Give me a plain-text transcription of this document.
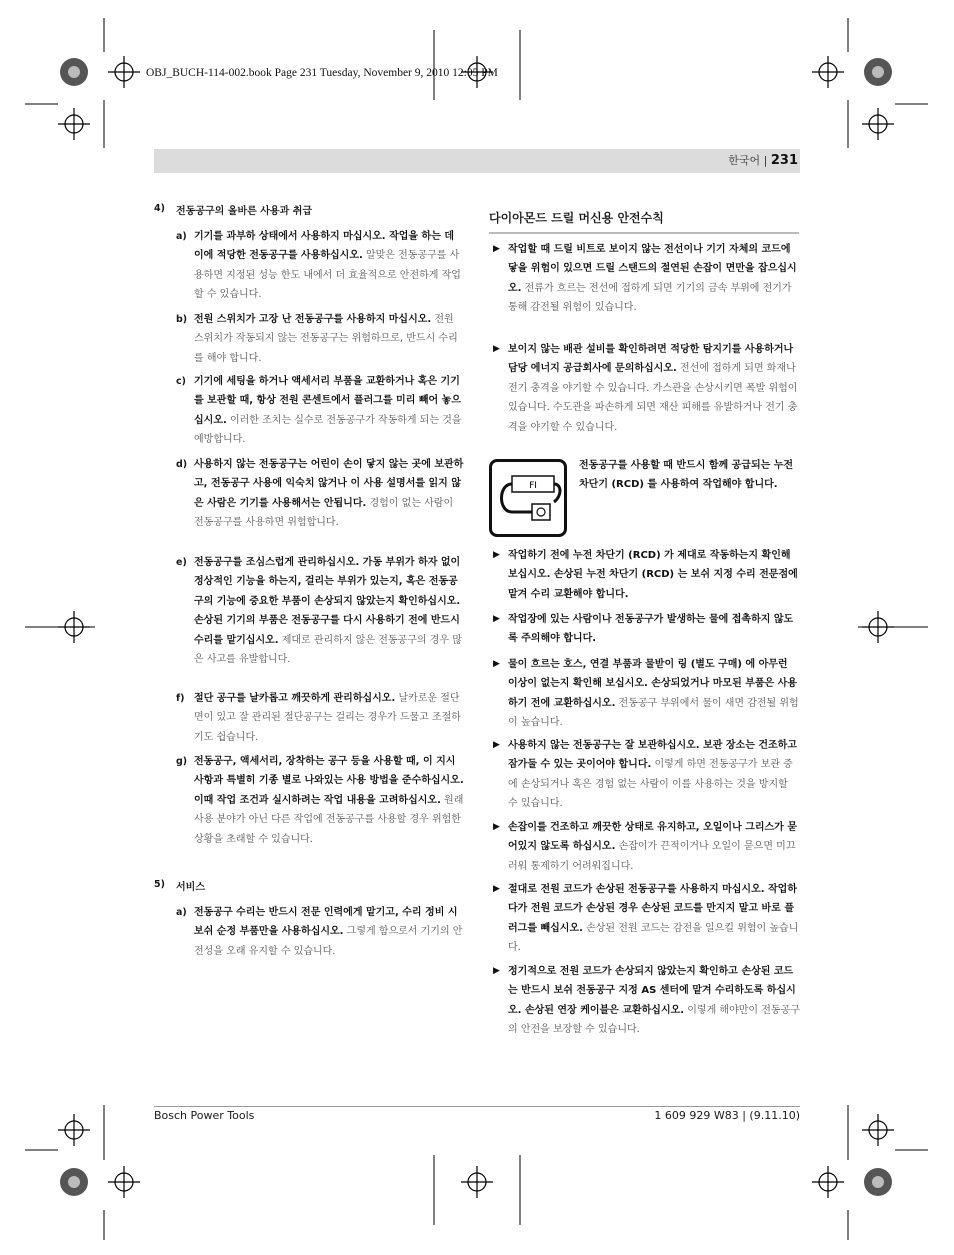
OBJ_BUCH-114-002.book Page 231 Tuesday, November 9, 2010 12:05 PM
한국어 | 231
4) 전동공구의 올바른 사용과 취급
a) 기기를 과부하 상태에서 사용하지 마십시오. 작업을 하는 데 이에 적당한 전동공구를 사용하십시오. 알맞은 전동공구를 사용하면 지정된 성능 한도 내에서 더 효율적으로 안전하게 작업할 수 있습니다.
b) 전원 스위치가 고장 난 전동공구를 사용하지 마십시오. 전원 스위치가 작동되지 않는 전동공구는 위험하므로, 반드시 수리를 해야 합니다.
c) 기기에 세팅을 하거나 액세서리 부품을 교환하거나 혹은 기기를 보관할 때, 항상 전원 콘센트에서 플러그를 미리 빼어 놓으십시오. 이러한 조치는 실수로 전동공구가 작동하게 되는 것을 예방합니다.
d) 사용하지 않는 전동공구는 어린이 손이 닿지 않는 곳에 보관하고, 전동공구 사용에 익숙치 않거나 이 사용 설명서를 읽지 않은 사람은 기기를 사용해서는 안됩니다. 경험이 없는 사람이 전동공구를 사용하면 위험합니다.
e) 전동공구를 조심스럽게 관리하십시오. 가동 부위가 하자 없이 정상적인 기능을 하는지, 걸리는 부위가 있는지, 혹은 전동공구의 기능에 중요한 부품이 손상되지 않았는지 확인하십시오. 손상된 기기의 부품은 전동공구를 다시 사용하기 전에 반드시 수리를 맡기십시오. 제대로 관리하지 않은 전동공구의 경우 많은 사고를 유발합니다.
f) 절단 공구를 날카롭고 깨끗하게 관리하십시오. 날카로운 절단면이 있고 잘 관리된 절단공구는 걸리는 경우가 드물고 조절하기도 쉽습니다.
g) 전동공구, 액세서리, 장착하는 공구 등을 사용할 때, 이 지시 사항과 특별히 기종 별로 나와있는 사용 방법을 준수하십시오. 이때 작업 조건과 실시하려는 작업 내용을 고려하십시오. 원래 사용 분야가 아닌 다른 작업에 전동공구를 사용할 경우 위험한 상황을 초래할 수 있습니다.
5) 서비스
a) 전동공구 수리는 반드시 전문 인력에게 맡기고, 수리 정비 시 보쉬 순정 부품만을 사용하십시오. 그렇게 함으로서 기기의 안전성을 오래 유지할 수 있습니다.
다이아몬드 드릴 머신용 안전수칙
▶ 작업할 때 드릴 비트로 보이지 않는 전선이나 기기 자체의 코드에 닿을 위험이 있으면 드릴 스탠드의 절연된 손잡이 면만을 잡으십시오. 전류가 흐르는 전선에 접하게 되면 기기의 금속 부위에 전기가 통해 감전될 위험이 있습니다.
▶ 보이지 않는 배관 설비를 확인하려면 적당한 탐지기를 사용하거나 담당 에너지 공급회사에 문의하십시오. 전선에 접하게 되면 화재나 전기 충격을 야기할 수 있습니다. 가스관을 손상시키면 폭발 위험이 있습니다. 수도관을 파손하게 되면 재산 피해를 유발하거나 전기 충격을 야기할 수 있습니다.
▶ 작업하기 전에 누전 차단기 (RCD) 가 제대로 작동하는지 확인해 보십시오. 손상된 누전 차단기 (RCD) 는 보쉬 지정 수리 전문점에 맡겨 수리 교환해야 합니다.
▶ 작업장에 있는 사람이나 전동공구가 발생하는 물에 접촉하지 않도록 주의해야 합니다.
▶ 물이 흐르는 호스, 연결 부품과 물받이 링 (별도 구매) 에 아무런 이상이 없는지 확인해 보십시오. 손상되었거나 마모된 부품은 사용하기 전에 교환하십시오. 전동공구 부위에서 물이 새면 감전될 위험이 높습니다.
▶ 사용하지 않는 전동공구는 잘 보관하십시오. 보관 장소는 건조하고 잠가둘 수 있는 곳이어야 합니다. 이렇게 하면 전동공구가 보관 중에 손상되거나 혹은 경험 없는 사람이 이를 사용하는 것을 방지할 수 있습니다.
▶ 손잡이를 건조하고 깨끗한 상태로 유지하고, 오일이나 그리스가 묻어있지 않도록 하십시오. 손잡이가 끈적이거나 오일이 묻으면 미끄러워 통제하기 어려워집니다.
▶ 절대로 전원 코드가 손상된 전동공구를 사용하지 마십시오. 작업하다가 전원 코드가 손상된 경우 손상된 코드를 만지지 말고 바로 플러그를 빼십시오. 손상된 전원 코드는 감전을 일으킬 위험이 높습니다.
▶ 정기적으로 전원 코드가 손상되지 않았는지 확인하고 손상된 코드는 반드시 보쉬 전동공구 지정 AS 센터에 맡겨 수리하도록 하십시오. 손상된 연장 케이블은 교환하십시오. 이렇게 해야만이 전동공구의 안전을 보장할 수 있습니다.
FI
Bosch Power Tools	1 609 929 W83 | (9.11.10)
전동공구를 사용할 때 반드시 함께 공급되는 누전 차단기 (RCD) 를 사용하여 작업해야 합니다.
